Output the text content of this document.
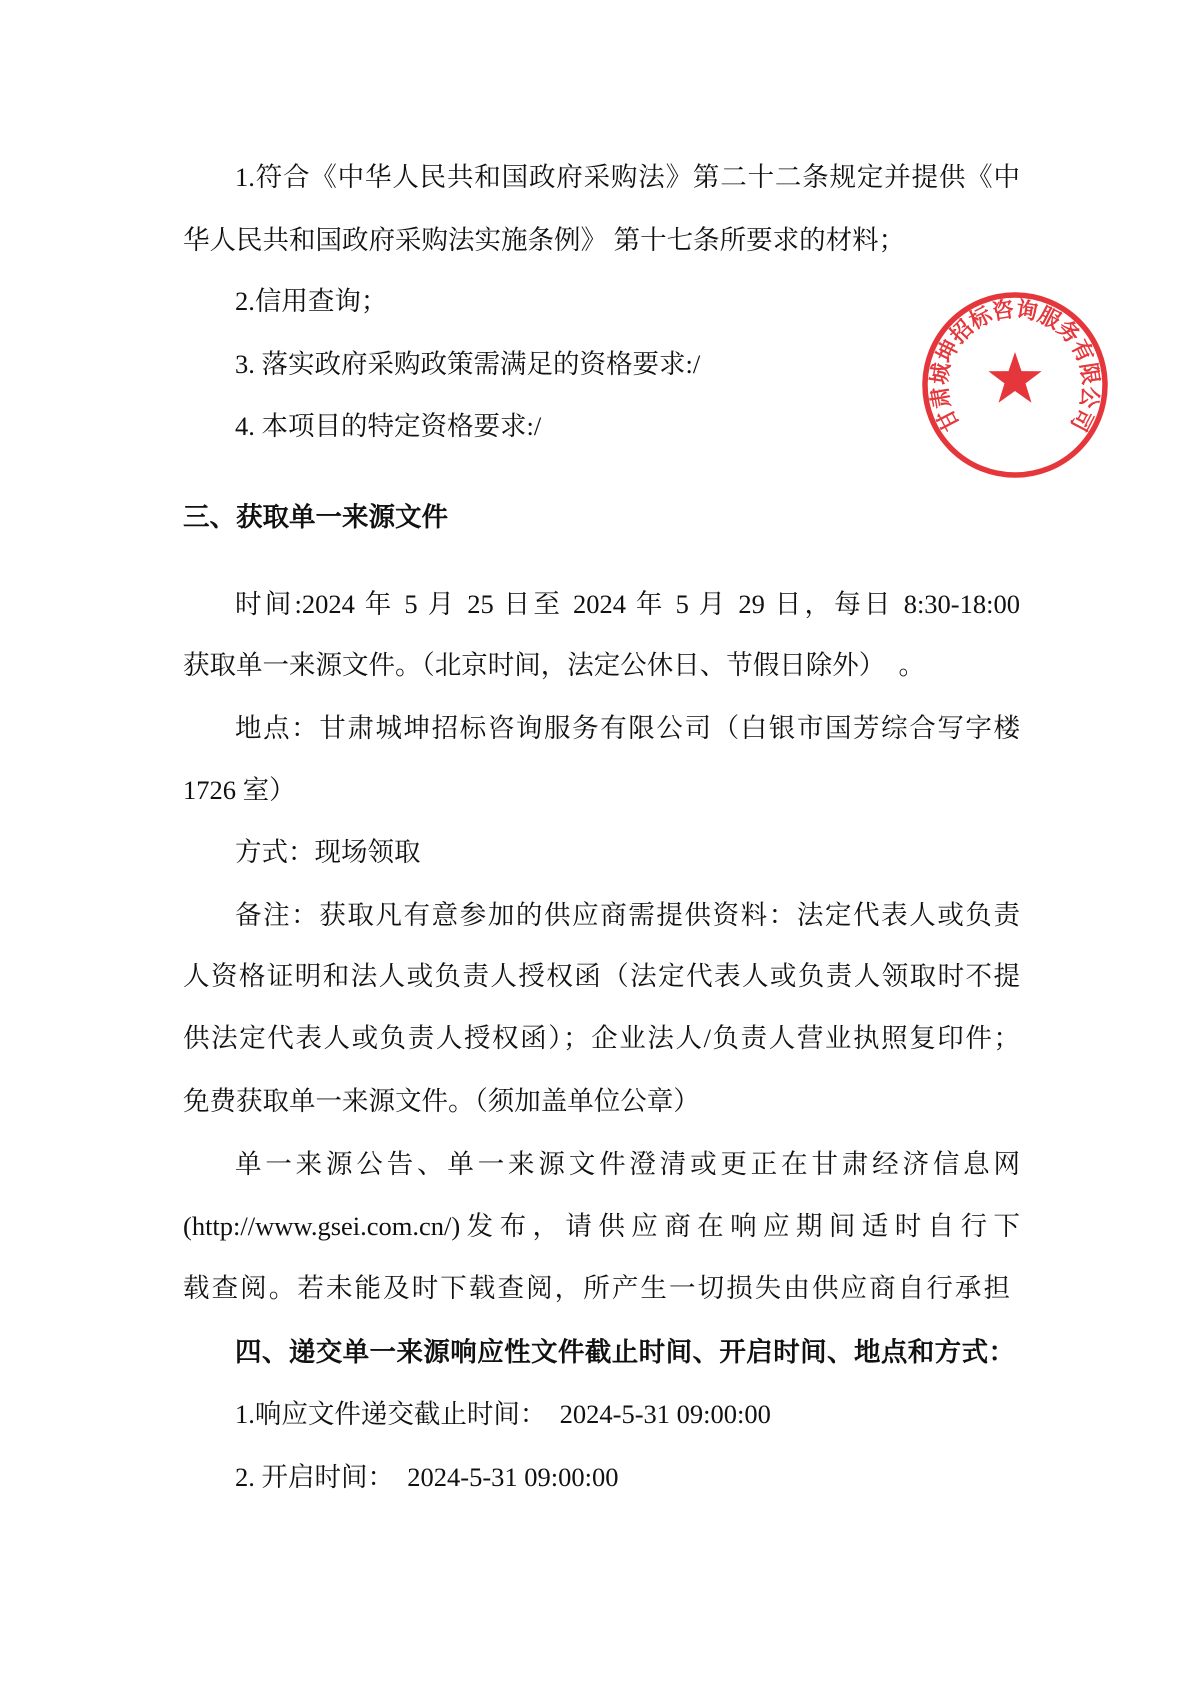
1.符合《中华人民共和国政府采购法》第二十二条规定并提供《中
华人民共和国政府采购法实施条例》 第十七条所要求的材料；
2.信用查询；
3. 落实政府采购政策需满足的资格要求:/
4. 本项目的特定资格要求:/
三、获取单一来源文件
时间:2024 年 5 月 25 日至 2024 年 5 月 29 日，每日 8:30-18:00
获取单一来源文件。（北京时间，法定公休日、节假日除外）  。
地点：甘肃城坤招标咨询服务有限公司（白银市国芳综合写字楼
1726 室）
方式：现场领取
备注：获取凡有意参加的供应商需提供资料：法定代表人或负责
人资格证明和法人或负责人授权函（法定代表人或负责人领取时不提
供法定代表人或负责人授权函）；企业法人/负责人营业执照复印件；
免费获取单一来源文件。（须加盖单位公章）
单一来源公告、单一来源文件澄清或更正在甘肃经济信息网
(http://www.gsei.com.cn/)发布，请供应商在响应期间适时自行下
载查阅。若未能及时下载查阅，所产生一切损失由供应商自行承担
四、递交单一来源响应性文件截止时间、开启时间、地点和方式：
1.响应文件递交截止时间：  2024-5-31 09:00:00
2. 开启时间：  2024-5-31 09:00:00
甘肃城坤招标咨询服务有限公司
